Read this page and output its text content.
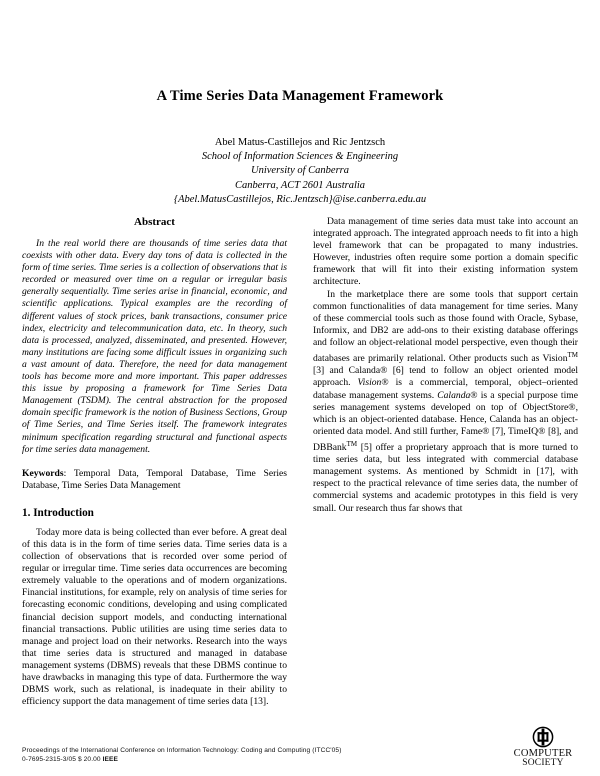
A Time Series Data Management Framework
Abel Matus-Castillejos and Ric Jentzsch
School of Information Sciences & Engineering
University of Canberra
Canberra, ACT 2601 Australia
{Abel.MatusCastillejos, Ric.Jentzsch}@ise.canberra.edu.au
Abstract

In the real world there are thousands of time series data that coexists with other data. Every day tons of data is collected in the form of time series. Time series is a collection of observations that is recorded or measured over time on a regular or irregular basis generally sequentially. Time series arise in financial, economic, and scientific applications. Typical examples are the recording of different values of stock prices, bank transactions, consumer price index, electricity and telecommunication data, etc. In theory, such data is processed, analyzed, disseminated, and presented. However, many institutions are facing some difficult issues in organizing such a vast amount of data. Therefore, the need for data management tools has become more and more important. This paper addresses this issue by proposing a framework for Time Series Data Management (TSDM). The central abstraction for the proposed domain specific framework is the notion of Business Sections, Group of Time Series, and Time Series itself. The framework integrates minimum specification regarding structural and functional aspects for time series data management.

Keywords: Temporal Data, Temporal Database, Time Series Database, Time Series Data Management

1. Introduction

Today more data is being collected than ever before. A great deal of this data is in the form of time series data. Time series data is a collection of observations that is recorded over some period of regular or irregular time. Time series data occurrences are becoming extremely valuable to the operations and of modern organizations. Financial institutions, for example, rely on analysis of time series for forecasting economic conditions, developing and using complicated financial decision support models, and conducting international financial transactions. Public utilities are using time series data to manage and project load on their networks. Research into the ways that time series data is structured and managed in database management systems (DBMS) reveals that these DBMS continue to have drawbacks in managing this type of data. Furthermore the way DBMS work, such as relational, is inadequate in their ability to efficiency support the data management of time series data [13].

Data management of time series data must take into account an integrated approach. The integrated approach needs to fit into a high level framework that can be propagated to many industries. However, industries often require some portion a domain specific framework that will fit into their existing information system architecture.

In the marketplace there are some tools that support certain common functionalities of data management for time series. Many of these commercial tools such as those found with Oracle, Sybase, Informix, and DB2 are add-ons to their existing database offerings and follow an object-relational model perspective, even though their databases are primarily relational. Other products such as Vision™ [3] and Calanda® [6] tend to follow an object oriented model approach. Vision® is a commercial, temporal, object–oriented database management systems. Calanda® is a special purpose time series management systems developed on top of ObjectStore®, which is an object-oriented database. Hence, Calanda has an object-oriented data model. And still further, Fame® [7], TimeIQ® [8], and DBBank™ [5] offer a proprietary approach that is more turned to time series data, but less integrated with commercial database management systems. As mentioned by Schmidt in [17], with respect to the practical relevance of time series data, the number of commercial systems and academic prototypes in this field is very small. Our research thus far shows that

Proceedings of the International Conference on Information Technology: Coding and Computing (ITCC'05)
0-7695-2315-3/05 $ 20.00 IEEE
COMPUTER
SOCIETY
